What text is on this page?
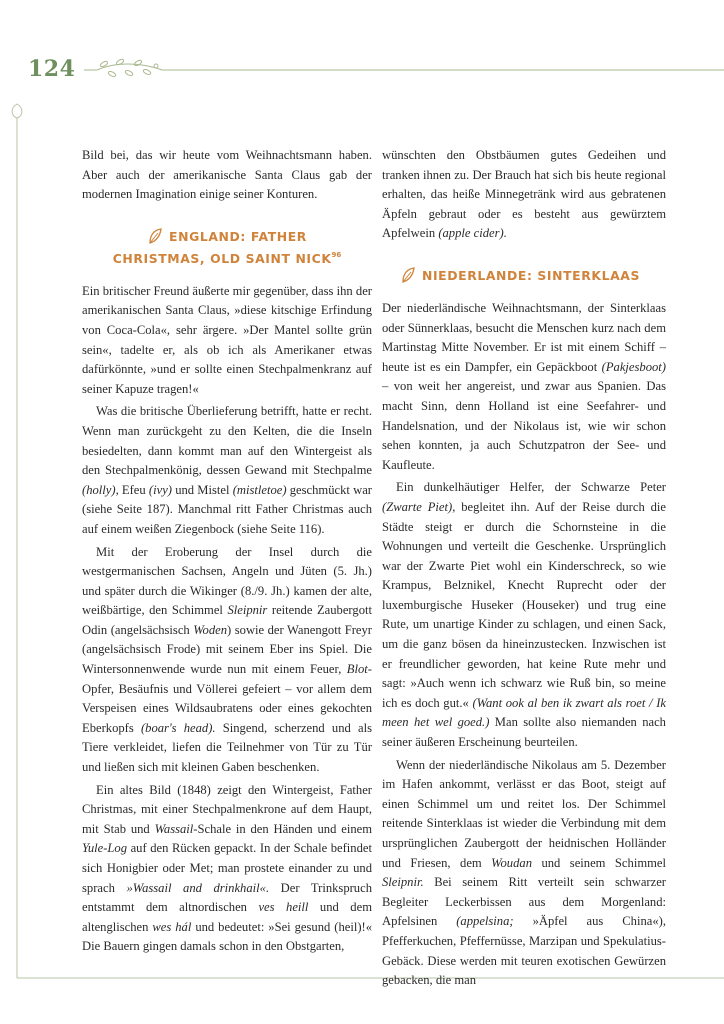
124

Bild bei, das wir heute vom Weihnachtsmann haben. Aber auch der amerikanische Santa Claus gab der modernen Imagination einige seiner Konturen.

ENGLAND: FATHER
CHRISTMAS, OLD SAINT NICK$^{96}$

Ein britischer Freund äußerte mir gegenüber, dass ihn der amerikanischen Santa Claus, »diese kitschige Erfindung von Coca-Cola«, sehr ärgere. »Der Mantel sollte grün sein«, tadelte er, als ob ich als Amerikaner etwas dafürkönnte, »und er sollte einen Stechpalmenkranz auf seiner Kapuze tragen!«

Was die britische Überlieferung betrifft, hatte er recht. Wenn man zurückgeht zu den Kelten, die die Inseln besiedelten, dann kommt man auf den Wintergeist als den Stechpalmenkönig, dessen Gewand mit Stechpalme (holly), Efeu (ivy) und Mistel (mistletoe) geschmückt war (siehe Seite 187). Manchmal ritt Father Christmas auch auf einem weißen Ziegenbock (siehe Seite 116).

Mit der Eroberung der Insel durch die westgermanischen Sachsen, Angeln und Jüten (5. Jh.) und später durch die Wikinger (8./9. Jh.) kamen der alte, weißbärtige, den Schimmel Sleipnir reitende Zaubergott Odin (angelsächsisch Woden) sowie der Wanengott Freyr (angelsächsisch Frode) mit seinem Eber ins Spiel. Die Wintersonnenwende wurde nun mit einem Feuer, Blot-Opfer, Besäufnis und Völlerei gefeiert – vor allem dem Verspeisen eines Wildsaubratens oder eines gekochten Eberkopfs (boar's head). Singend, scherzend und als Tiere verkleidet, liefen die Teilnehmer von Tür zu Tür und ließen sich mit kleinen Gaben beschenken.

Ein altes Bild (1848) zeigt den Wintergeist, Father Christmas, mit einer Stechpalmenkrone auf dem Haupt, mit Stab und Wassail-Schale in den Händen und einem Yule-Log auf den Rücken gepackt. In der Schale befindet sich Honigbier oder Met; man prostete einander zu und sprach »Wassail and drinkhail«. Der Trinkspruch entstammt dem altnordischen ves heill und dem altenglischen wes hál und bedeutet: »Sei gesund (heil)!« Die Bauern gingen damals schon in den Obstgarten,

wünschten den Obstbäumen gutes Gedeihen und tranken ihnen zu. Der Brauch hat sich bis heute regional erhalten, das heiße Minnegetränk wird aus gebratenen Äpfeln gebraut oder es besteht aus gewürztem Apfelwein (apple cider).

NIEDERLANDE: SINTERKLAAS

Der niederländische Weihnachtsmann, der Sinterklaas oder Sünnerklaas, besucht die Menschen kurz nach dem Martinstag Mitte November. Er ist mit einem Schiff – heute ist es ein Dampfer, ein Gepäckboot (Pakjesboot) – von weit her angereist, und zwar aus Spanien. Das macht Sinn, denn Holland ist eine Seefahrer- und Handelsnation, und der Nikolaus ist, wie wir schon sehen konnten, ja auch Schutzpatron der See- und Kaufleute.

Ein dunkelhäutiger Helfer, der Schwarze Peter (Zwarte Piet), begleitet ihn. Auf der Reise durch die Städte steigt er durch die Schornsteine in die Wohnungen und verteilt die Geschenke. Ursprünglich war der Zwarte Piet wohl ein Kinderschreck, so wie Krampus, Belznikel, Knecht Ruprecht oder der luxemburgische Huseker (Houseker) und trug eine Rute, um unartige Kinder zu schlagen, und einen Sack, um die ganz bösen da hineinzustecken. Inzwischen ist er freundlicher geworden, hat keine Rute mehr und sagt: »Auch wenn ich schwarz wie Ruß bin, so meine ich es doch gut.« (Want ook al ben ik zwart als roet / Ik meen het wel goed.) Man sollte also niemanden nach seiner äußeren Erscheinung beurteilen.

Wenn der niederländische Nikolaus am 5. Dezember im Hafen ankommt, verlässt er das Boot, steigt auf einen Schimmel um und reitet los. Der Schimmel reitende Sinterklaas ist wieder die Verbindung mit dem ursprünglichen Zaubergott der heidnischen Holländer und Friesen, dem Woudan und seinem Schimmel Sleipnir. Bei seinem Ritt verteilt sein schwarzer Begleiter Leckerbissen aus dem Morgenland: Apfelsinen (appelsina; »Äpfel aus China«), Pfefferkuchen, Pfeffernüsse, Marzipan und Spekulatius-Gebäck. Diese werden mit teuren exotischen Gewürzen gebacken, die man
